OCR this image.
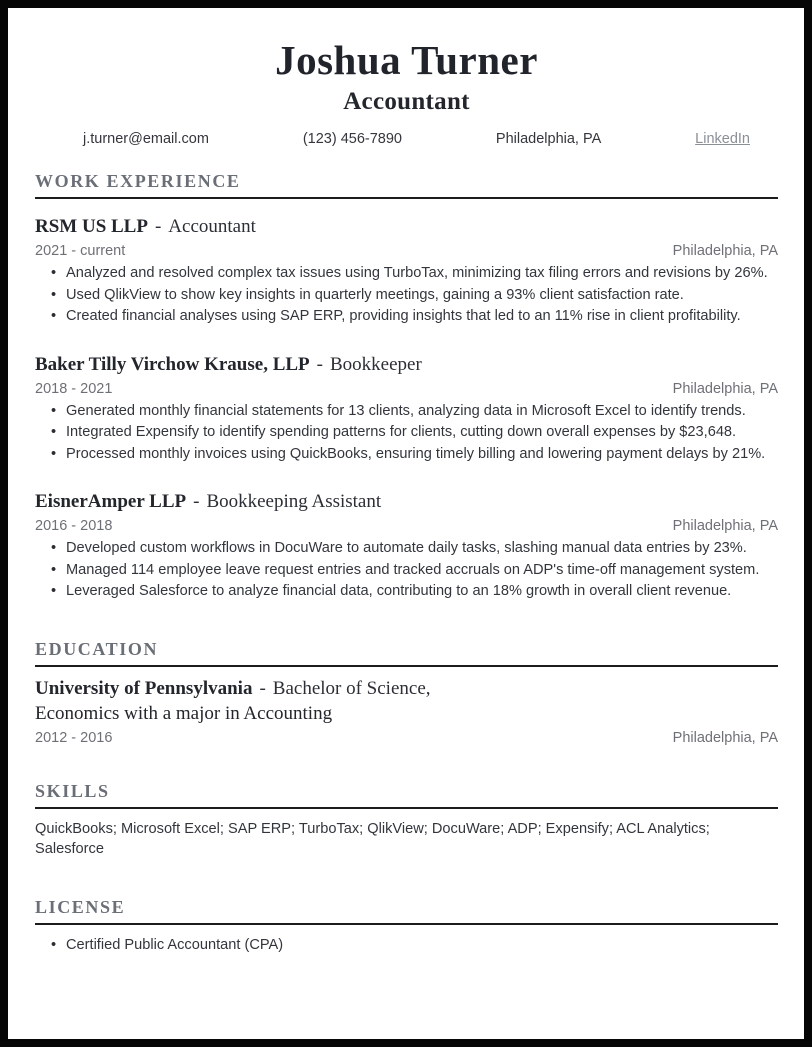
Joshua Turner
Accountant
j.turner@email.com	(123) 456-7890	Philadelphia, PA	LinkedIn
WORK EXPERIENCE
RSM US LLP - Accountant
2021 - current	Philadelphia, PA
• Analyzed and resolved complex tax issues using TurboTax, minimizing tax filing errors and revisions by 26%.
• Used QlikView to show key insights in quarterly meetings, gaining a 93% client satisfaction rate.
• Created financial analyses using SAP ERP, providing insights that led to an 11% rise in client profitability.
Baker Tilly Virchow Krause, LLP - Bookkeeper
2018 - 2021	Philadelphia, PA
• Generated monthly financial statements for 13 clients, analyzing data in Microsoft Excel to identify trends.
• Integrated Expensify to identify spending patterns for clients, cutting down overall expenses by $23,648.
• Processed monthly invoices using QuickBooks, ensuring timely billing and lowering payment delays by 21%.
EisnerAmper LLP - Bookkeeping Assistant
2016 - 2018	Philadelphia, PA
• Developed custom workflows in DocuWare to automate daily tasks, slashing manual data entries by 23%.
• Managed 114 employee leave request entries and tracked accruals on ADP's time-off management system.
• Leveraged Salesforce to analyze financial data, contributing to an 18% growth in overall client revenue.
EDUCATION
University of Pennsylvania - Bachelor of Science,
Economics with a major in Accounting
2012 - 2016	Philadelphia, PA
SKILLS

QuickBooks; Microsoft Excel; SAP ERP; TurboTax; QlikView; DocuWare; ADP; Expensify; ACL Analytics; Salesforce

LICENSE
• Certified Public Accountant (CPA)
